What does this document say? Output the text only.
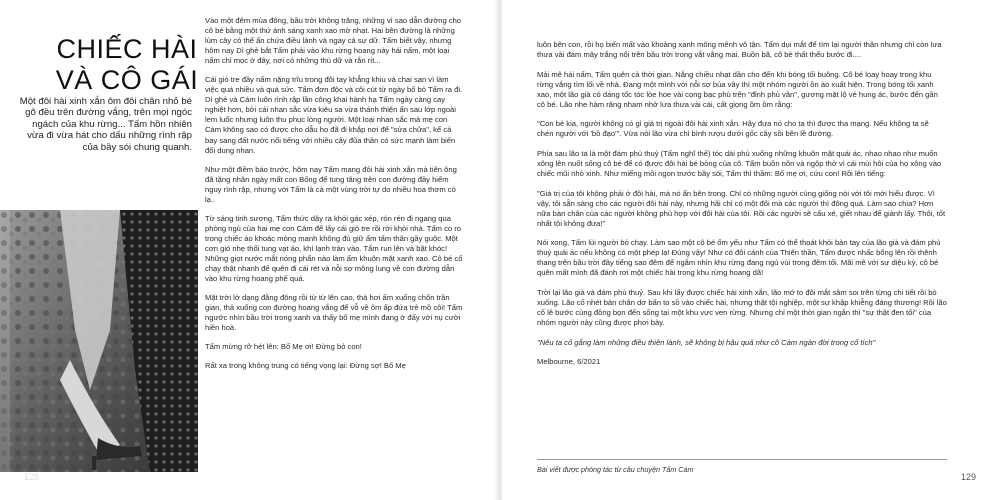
CHIẾC HÀI
VÀ CÔ GÁI
Một đôi hài xinh xắn ôm đôi chân nhỏ bé gõ đều trên đường vắng, trên mọi ngóc ngách của khu rừng... Tấm hồn nhiên vừa đi vừa hát cho dấu những rình rập của bầy sói chung quanh.

Vào một đêm mùa đông, bầu trời không trăng, những vì sao dẫn đường cho cô bé bằng một thứ ánh sáng xanh xao mờ nhạt. Hai bên đường là những lùm cây có thể ẩn chứa điều lành và ngay cả sự dữ. Tấm biết vậy, nhưng hôm nay Dì ghẻ bắt Tấm phải vào khu rừng hoang này hái nấm, một loại nấm chỉ mọc ở đây, nơi có những thú dữ và rắn rít...

Cái giỏ tre đầy nấm nặng trĩu trong đôi tay khẳng khiu và chai sạn vì làm việc quá nhiều và quá sức. Tấm đơn độc và côi cút từ ngày bố bỏ Tấm ra đi. Dì ghẻ và Cám luôn rình rập lần công khai hành hạ Tấm ngày càng cay nghiệt hơn, bởi cái nhan sắc vừa kiêu sa vừa thánh thiện ẩn sau lớp ngoài lem luốc nhưng luôn thu phục lòng người. Một loại nhan sắc mà mẹ con Cám không sao có được cho dẫu họ đã đi khắp nơi để "sửa chữa", kể cả bay sang đất nước nổi tiếng với nhiều cây đũa thần có sức mạnh làm biến đổi dung nhan.

Như một điềm báo trước, hôm nay Tấm mang đôi hài xinh xắn mà tiên ông đã tặng nhân ngày mất con Bống để tung tăng trên con đường đầy hiểm nguy rình rập, nhưng với Tấm là cả một vùng trời tự do nhiều hoa thơm cỏ lạ..

Từ sáng tinh sương, Tấm thức dậy ra khỏi gác xép, rón rén đi ngang qua phòng ngủ của hai mẹ con Cám để lấy cái giỏ tre rồi rời khỏi nhà. Tấm co ro trong chiếc áo khoác mỏng manh không đủ giữ ấm tấm thân gầy guộc. Một cơn gió nhẹ thổi tung vạt áo, khí lạnh tràn vào. Tấm run lên và bật khóc! Những giọt nước mắt nóng phẩn nào làm ấm khuôn mặt xanh xao. Cô bé cố chạy thật nhanh để quên đi cái rét và nỗi sợ mông lung về con đường dẫn vào khu rừng hoang phế quá.

Mặt trời lờ dạng đằng đông rồi từ từ lên cao, thả hơi ấm xuống chốn trần gian, thả xuống con đường hoang vắng để vỗ về ôm ấp đứa trẻ mồ côi! Tấm ngước nhìn bầu trời trong xanh và thấy bố mẹ mình đang ở đấy với nụ cười hiền hoà.

Tấm mừng rỡ hét lên: Bố Mẹ ơi! Đừng bỏ con!

Rất xa trong không trung có tiếng vọng lại: Đừng sợ! Bố Mẹ

128

luôn bên con, rồi họ biến mất vào khoảng xanh mông mênh vô tận. Tấm dụi mắt để tìm lại người thân nhưng chỉ còn lưa thưa vài đám mây trắng nổi trên bầu trời trong vắt vắng mai. Buồn bã, cô bé thất thểu bước đi....

Mải mê hái nấm, Tấm quên cả thời gian. Nắng chiều nhạt dần cho đến khi bóng tối buông. Cô bé loay hoay trong khu rừng vắng tìm lối về nhà. Đang một mình với nỗi sợ bủa vây thì một nhóm người ồn ào xuất hiện. Trong bóng tối xanh xao, một lão già có dáng tốc tóc lòe hoe vài cọng bạc phủ trên "đỉnh phù vân", gương mặt lộ vẻ hung ác, bước đến gần cô bé. Lão nhe hàm răng nham nhở lưa thưa vài cái, cất giọng ồm ồm rằng:

"Con bé kia, người không có gì giá trị ngoài đôi hài xinh xắn. Hãy đưa nó cho ta thì được tha mạng. Nếu không ta sẽ chén người với 'bồ đạo'". Vừa nói lão vừa chỉ bình rượu dưới gốc cây sồi bên lề đường.

Phía sau lão ta là một đám phù thuỷ (Tấm nghĩ thế) tóc dài phủ xuống những khuôn mặt quái ác, nhao nhao như muốn xông lên nuốt sống cô bé để có được đôi hài bé bỏng của cô. Tấm buồn nôn và ngộp thở vì cái mùi hôi của họ xông vào chiếc mũi nhỏ xinh. Như miếng mồi ngon trước bầy sói, Tấm thì thầm: Bố mẹ ơi, cứu con! Rồi lên tiếng:

"Giá trị của tôi không phải ở đôi hài, mà nó ẩn bên trong. Chỉ có những người cùng giống nòi với tôi mới hiểu được. Vì vậy, tôi sẵn sàng cho các người đôi hài này, nhưng hãi chỉ có một đôi mà các người thì đông quá. Làm sao chia? Hơn nữa bàn chân của các người không phù hợp với đôi hài của tôi. Rồi các người sẽ cấu xé, giết nhau để giành lấy. Thôi, tốt nhất tôi không đưa!"

Nói xong, Tấm lùi người bỏ chạy. Làm sao một cô bé ốm yếu như Tấm có thể thoát khỏi bàn tay của lão già và đám phù thuỷ quái ác nếu không có một phép lạ! Đúng vậy! Như có đôi cánh của Thiên thần, Tấm được nhấc bổng lên rồi thênh thang trên bầu trời đầy tiếng sao đêm để ngắm nhìn khu rừng đang ngủ vùi trong đêm tối. Mãi mê với sự diệu kỳ, cô bé quên mất mình đã đánh rơi một chiếc hài trong khu rừng hoang dã!

Trời lại lão già và đám phù thuỷ. Sau khi lấy được chiếc hài xinh xắn, lão mớ to đôi mắt sâm soi trên từng chi tiết rồi bỏ xuống. Lão cố nhét bàn chân dơ bẩn to sồ vào chiếc hài, nhưng thật tội nghiệp, một sự khập khiễng đáng thương! Rồi lão cố lê bước cùng đồng bọn đến sống tại một khu vực ven rừng. Nhưng chỉ một thời gian ngắn thì "sự thật đen tối" của nhóm người này cũng được phơi bày.

"Nếu ta cố gắng làm những điều thiện lành, sẽ không bị hậu quả như cô Cám ngàn đời trong cổ tích"

Melbourne, 6/2021

Bài viết được phóng tác từ câu chuyện Tấm Cám
129
